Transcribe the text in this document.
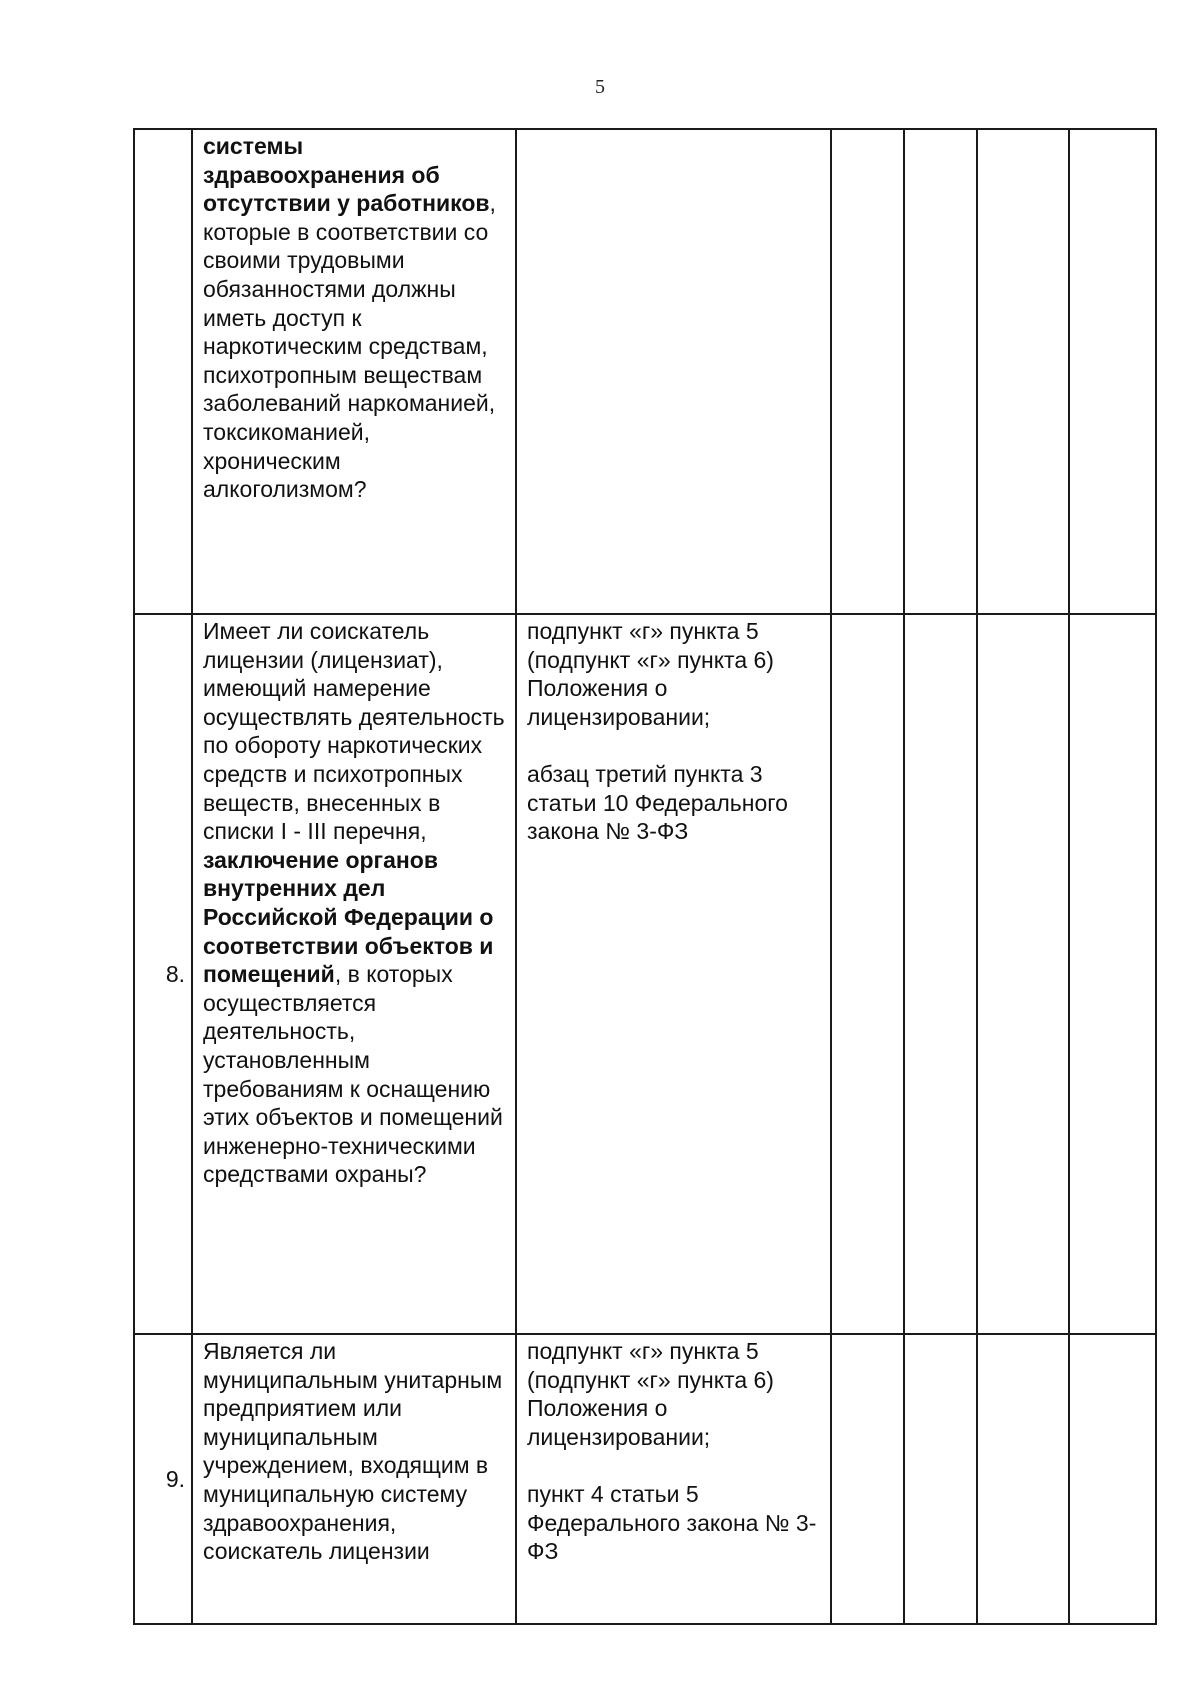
5
	системы здравоохранения об отсутствии у работников, которые в соответствии со своими трудовыми обязанностями должны иметь доступ к наркотическим средствам, психотропным веществам заболеваний наркоманией, токсикоманией, хроническим алкоголизмом?					
8.	Имеет ли соискатель лицензии (лицензиат), имеющий намерение осуществлять деятельность по обороту наркотических средств и психотропных веществ, внесенных в списки I - III перечня, заключение органов внутренних дел Российской Федерации о соответствии объектов и помещений, в которых осуществляется деятельность, установленным требованиям к оснащению этих объектов и помещений инженерно-техническими средствами охраны?	подпункт «г» пункта 5 (подпункт «г» пункта 6) Положения о лицензировании;
абзац третий пункта 3 статьи 10 Федерального закона № 3-ФЗ				

9.	Является ли муниципальным унитарным предприятием или муниципальным учреждением, входящим в муниципальную систему здравоохранения, соискатель лицензии	подпункт «г» пункта 5 (подпункт «г» пункта 6) Положения о лицензировании;
пункт 4 статьи 5 Федерального закона № 3-ФЗ				
